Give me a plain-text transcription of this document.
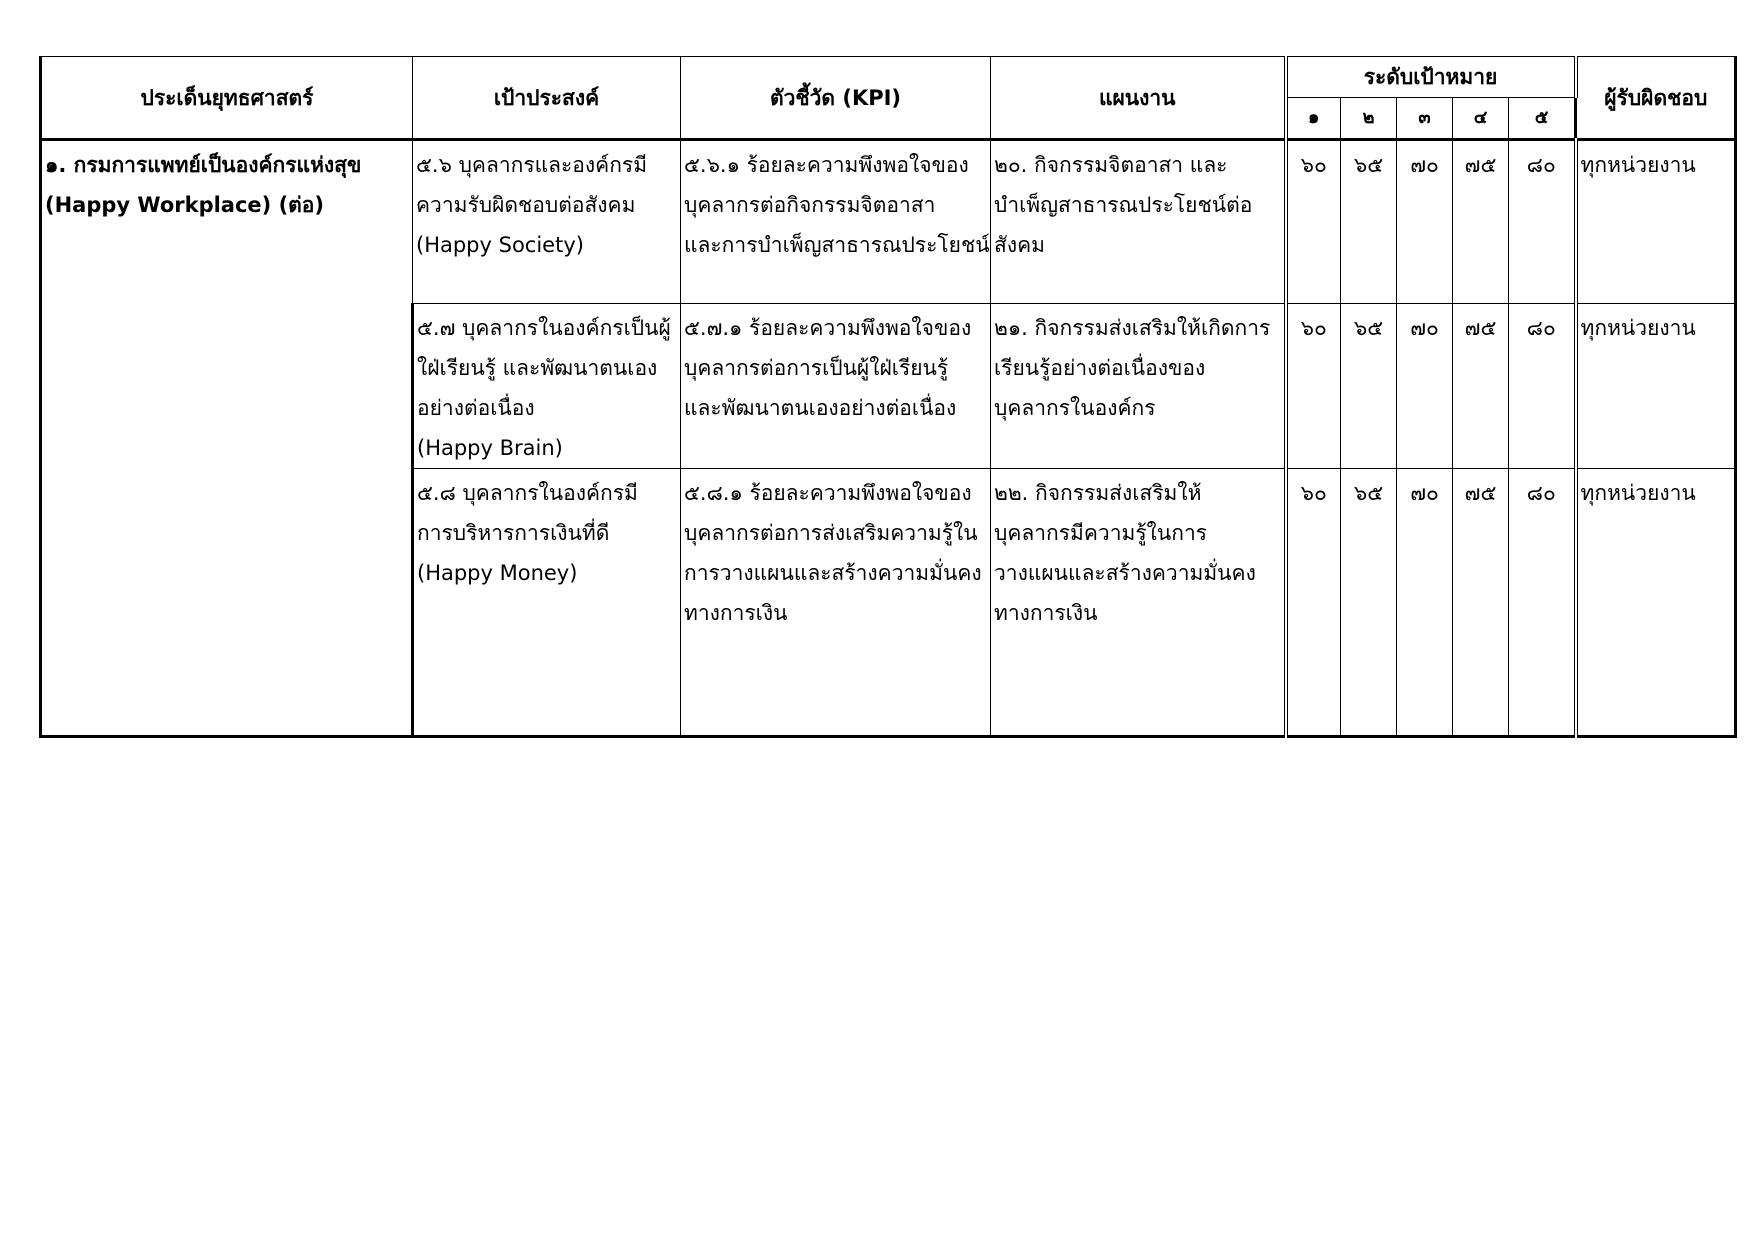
ประเด็นยุทธศาสตร์	เป้าประสงค์	ตัวชี้วัด (KPI)	แผนงาน	ระดับเป้าหมาย					ผู้รับผิดชอบ
				๑	๒	๓	๔	๕	

๑. กรมการแพทย์เป็นองค์กรแห่งสุข
(Happy Workplace) (ต่อ)	๕.๖ บุคลากรและองค์กรมี
ความรับผิดชอบต่อสังคม
(Happy Society)	๕.๖.๑ ร้อยละความพึงพอใจของ
บุคลากรต่อกิจกรรมจิตอาสา
และการบำเพ็ญสาธารณประโยชน์	๒๐. กิจกรรมจิตอาสา และ
บำเพ็ญสาธารณประโยชน์ต่อ
สังคม	๖๐	๖๕	๗๐	๗๕	๘๐	ทุกหน่วยงาน

	๕.๗ บุคลากรในองค์กรเป็นผู้
ใฝ่เรียนรู้ และพัฒนาตนเอง
อย่างต่อเนื่อง
(Happy Brain)	๕.๗.๑ ร้อยละความพึงพอใจของ
บุคลากรต่อการเป็นผู้ใฝ่เรียนรู้
และพัฒนาตนเองอย่างต่อเนื่อง	๒๑. กิจกรรมส่งเสริมให้เกิดการ
เรียนรู้อย่างต่อเนื่องของ
บุคลากรในองค์กร	๖๐	๖๕	๗๐	๗๕	๘๐	ทุกหน่วยงาน

	๕.๘ บุคลากรในองค์กรมี
การบริหารการเงินที่ดี
(Happy Money)	๕.๘.๑ ร้อยละความพึงพอใจของ
บุคลากรต่อการส่งเสริมความรู้ใน
การวางแผนและสร้างความมั่นคง
ทางการเงิน	๒๒. กิจกรรมส่งเสริมให้
บุคลากรมีความรู้ในการ
วางแผนและสร้างความมั่นคง
ทางการเงิน	๖๐	๖๕	๗๐	๗๕	๘๐	ทุกหน่วยงาน
